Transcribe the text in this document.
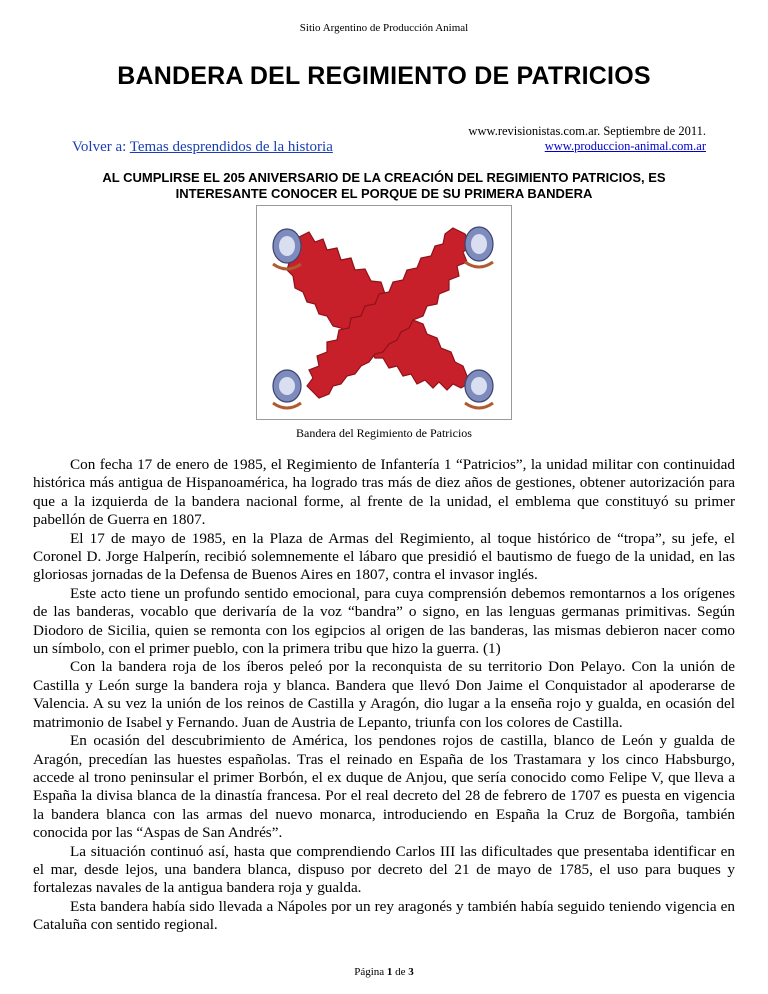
Sitio Argentino de Producción Animal
BANDERA DEL REGIMIENTO DE PATRICIOS
www.revisionistas.com.ar. Septiembre de 2011.
www.produccion-animal.com.ar
Volver a: Temas desprendidos de la historia
AL CUMPLIRSE EL 205 ANIVERSARIO DE LA CREACIÓN DEL REGIMIENTO PATRICIOS, ES INTERESANTE CONOCER EL PORQUE DE SU PRIMERA BANDERA
Bandera del Regimiento de Patricios

Con fecha 17 de enero de 1985, el Regimiento de Infantería 1 “Patricios”, la unidad militar con continuidad histórica más antigua de Hispanoamérica, ha logrado tras más de diez años de gestiones, obtener autorización para que a la izquierda de la bandera nacional forme, al frente de la unidad, el emblema que constituyó su primer pabellón de Guerra en 1807.

El 17 de mayo de 1985, en la Plaza de Armas del Regimiento, al toque histórico de “tropa”, su jefe, el Coronel D. Jorge Halperín, recibió solemnemente el lábaro que presidió el bautismo de fuego de la unidad, en las gloriosas jornadas de la Defensa de Buenos Aires en 1807, contra el invasor inglés.

Este acto tiene un profundo sentido emocional, para cuya comprensión debemos remontarnos a los orígenes de las banderas, vocablo que derivaría de la voz “bandra” o signo, en las lenguas germanas primitivas. Según Diodoro de Sicilia, quien se remonta con los egipcios al origen de las banderas, las mismas debieron nacer como un símbolo, con el primer pueblo, con la primera tribu que hizo la guerra. (1)

Con la bandera roja de los íberos peleó por la reconquista de su territorio Don Pelayo. Con la unión de Castilla y León surge la bandera roja y blanca. Bandera que llevó Don Jaime el Conquistador al apoderarse de Valencia. A su vez la unión de los reinos de Castilla y Aragón, dio lugar a la enseña rojo y gualda, en ocasión del matrimonio de Isabel y Fernando. Juan de Austria de Lepanto, triunfa con los colores de Castilla.

En ocasión del descubrimiento de América, los pendones rojos de castilla, blanco de León y gualda de Aragón, precedían las huestes españolas. Tras el reinado en España de los Trastamara y los cinco Habsburgo, accede al trono peninsular el primer Borbón, el ex duque de Anjou, que sería conocido como Felipe V, que lleva a España la divisa blanca de la dinastía francesa. Por el real decreto del 28 de febrero de 1707 es puesta en vigencia la bandera blanca con las armas del nuevo monarca, introduciendo en España la Cruz de Borgoña, también conocida por las “Aspas de San Andrés”.

La situación continuó así, hasta que comprendiendo Carlos III las dificultades que presentaba identificar en el mar, desde lejos, una bandera blanca, dispuso por decreto del 21 de mayo de 1785, el uso para buques y fortalezas navales de la antigua bandera roja y gualda.

Esta bandera había sido llevada a Nápoles por un rey aragonés y también había seguido teniendo vigencia en Cataluña con sentido regional.

Página 1 de 3
